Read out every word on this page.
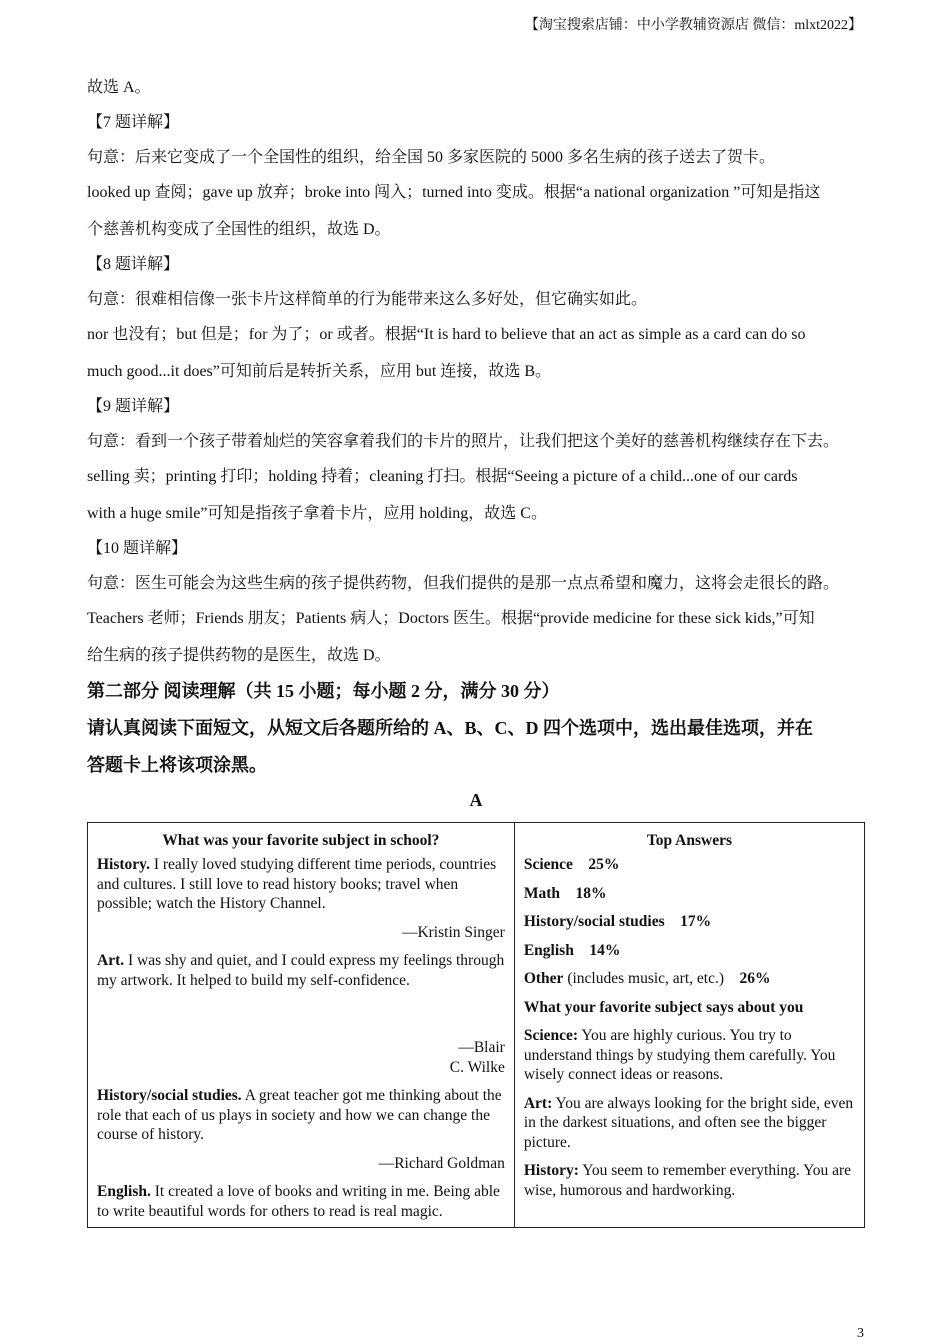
【淘宝搜索店铺：中小学教辅资源店 微信：mlxt2022】

故选 A。

【7 题详解】

句意：后来它变成了一个全国性的组织，给全国 50 多家医院的 5000 多名生病的孩子送去了贺卡。

looked up 查阅；gave up 放弃；broke into 闯入；turned into 变成。根据“a national organization ”可知是指这

个慈善机构变成了全国性的组织，故选 D。

【8 题详解】

句意：很难相信像一张卡片这样简单的行为能带来这么多好处，但它确实如此。

nor 也没有；but 但是；for 为了；or 或者。根据“It is hard to believe that an act as simple as a card can do so

much good...it does”可知前后是转折关系，应用 but 连接，故选 B。

【9 题详解】

句意：看到一个孩子带着灿烂的笑容拿着我们的卡片的照片，让我们把这个美好的慈善机构继续存在下去。

selling 卖；printing 打印；holding 持着；cleaning 打扫。根据“Seeing a picture of a child...one of our cards

with a huge smile”可知是指孩子拿着卡片，应用 holding，故选 C。

【10 题详解】

句意：医生可能会为这些生病的孩子提供药物，但我们提供的是那一点点希望和魔力，这将会走很长的路。

Teachers 老师；Friends 朋友；Patients 病人；Doctors 医生。根据“provide medicine for these sick kids,”可知

给生病的孩子提供药物的是医生，故选 D。

第二部分 阅读理解（共 15 小题；每小题 2 分，满分 30 分）

请认真阅读下面短文，从短文后各题所给的 A、B、C、D 四个选项中，选出最佳选项，并在

答题卡上将该项涂黑。

A
What was your favorite subject in school?
History. I really loved studying different time periods, countries and cultures. I still love to read history books; travel when possible; watch the History Channel.
—Kristin Singer
Art. I was shy and quiet, and I could express my feelings through my artwork. It helped to build my self-confidence.
—Blair
C. Wilke
History/social studies. A great teacher got me thinking about the role that each of us plays in society and how we can change the course of history.
—Richard Goldman
English. It created a love of books and writing in me. Being able to write beautiful words for others to read is real magic.

Top Answers
Science 25%
Math 18%
History/social studies 17%
English 14%
Other (includes music, art, etc.) 26%
What your favorite subject says about you
Science: You are highly curious. You try to understand things by studying them carefully. You wisely connect ideas or reasons.
Art: You are always looking for the bright side, even in the darkest situations, and often see the bigger picture.
History: You seem to remember everything. You are wise, humorous and hardworking.
3
